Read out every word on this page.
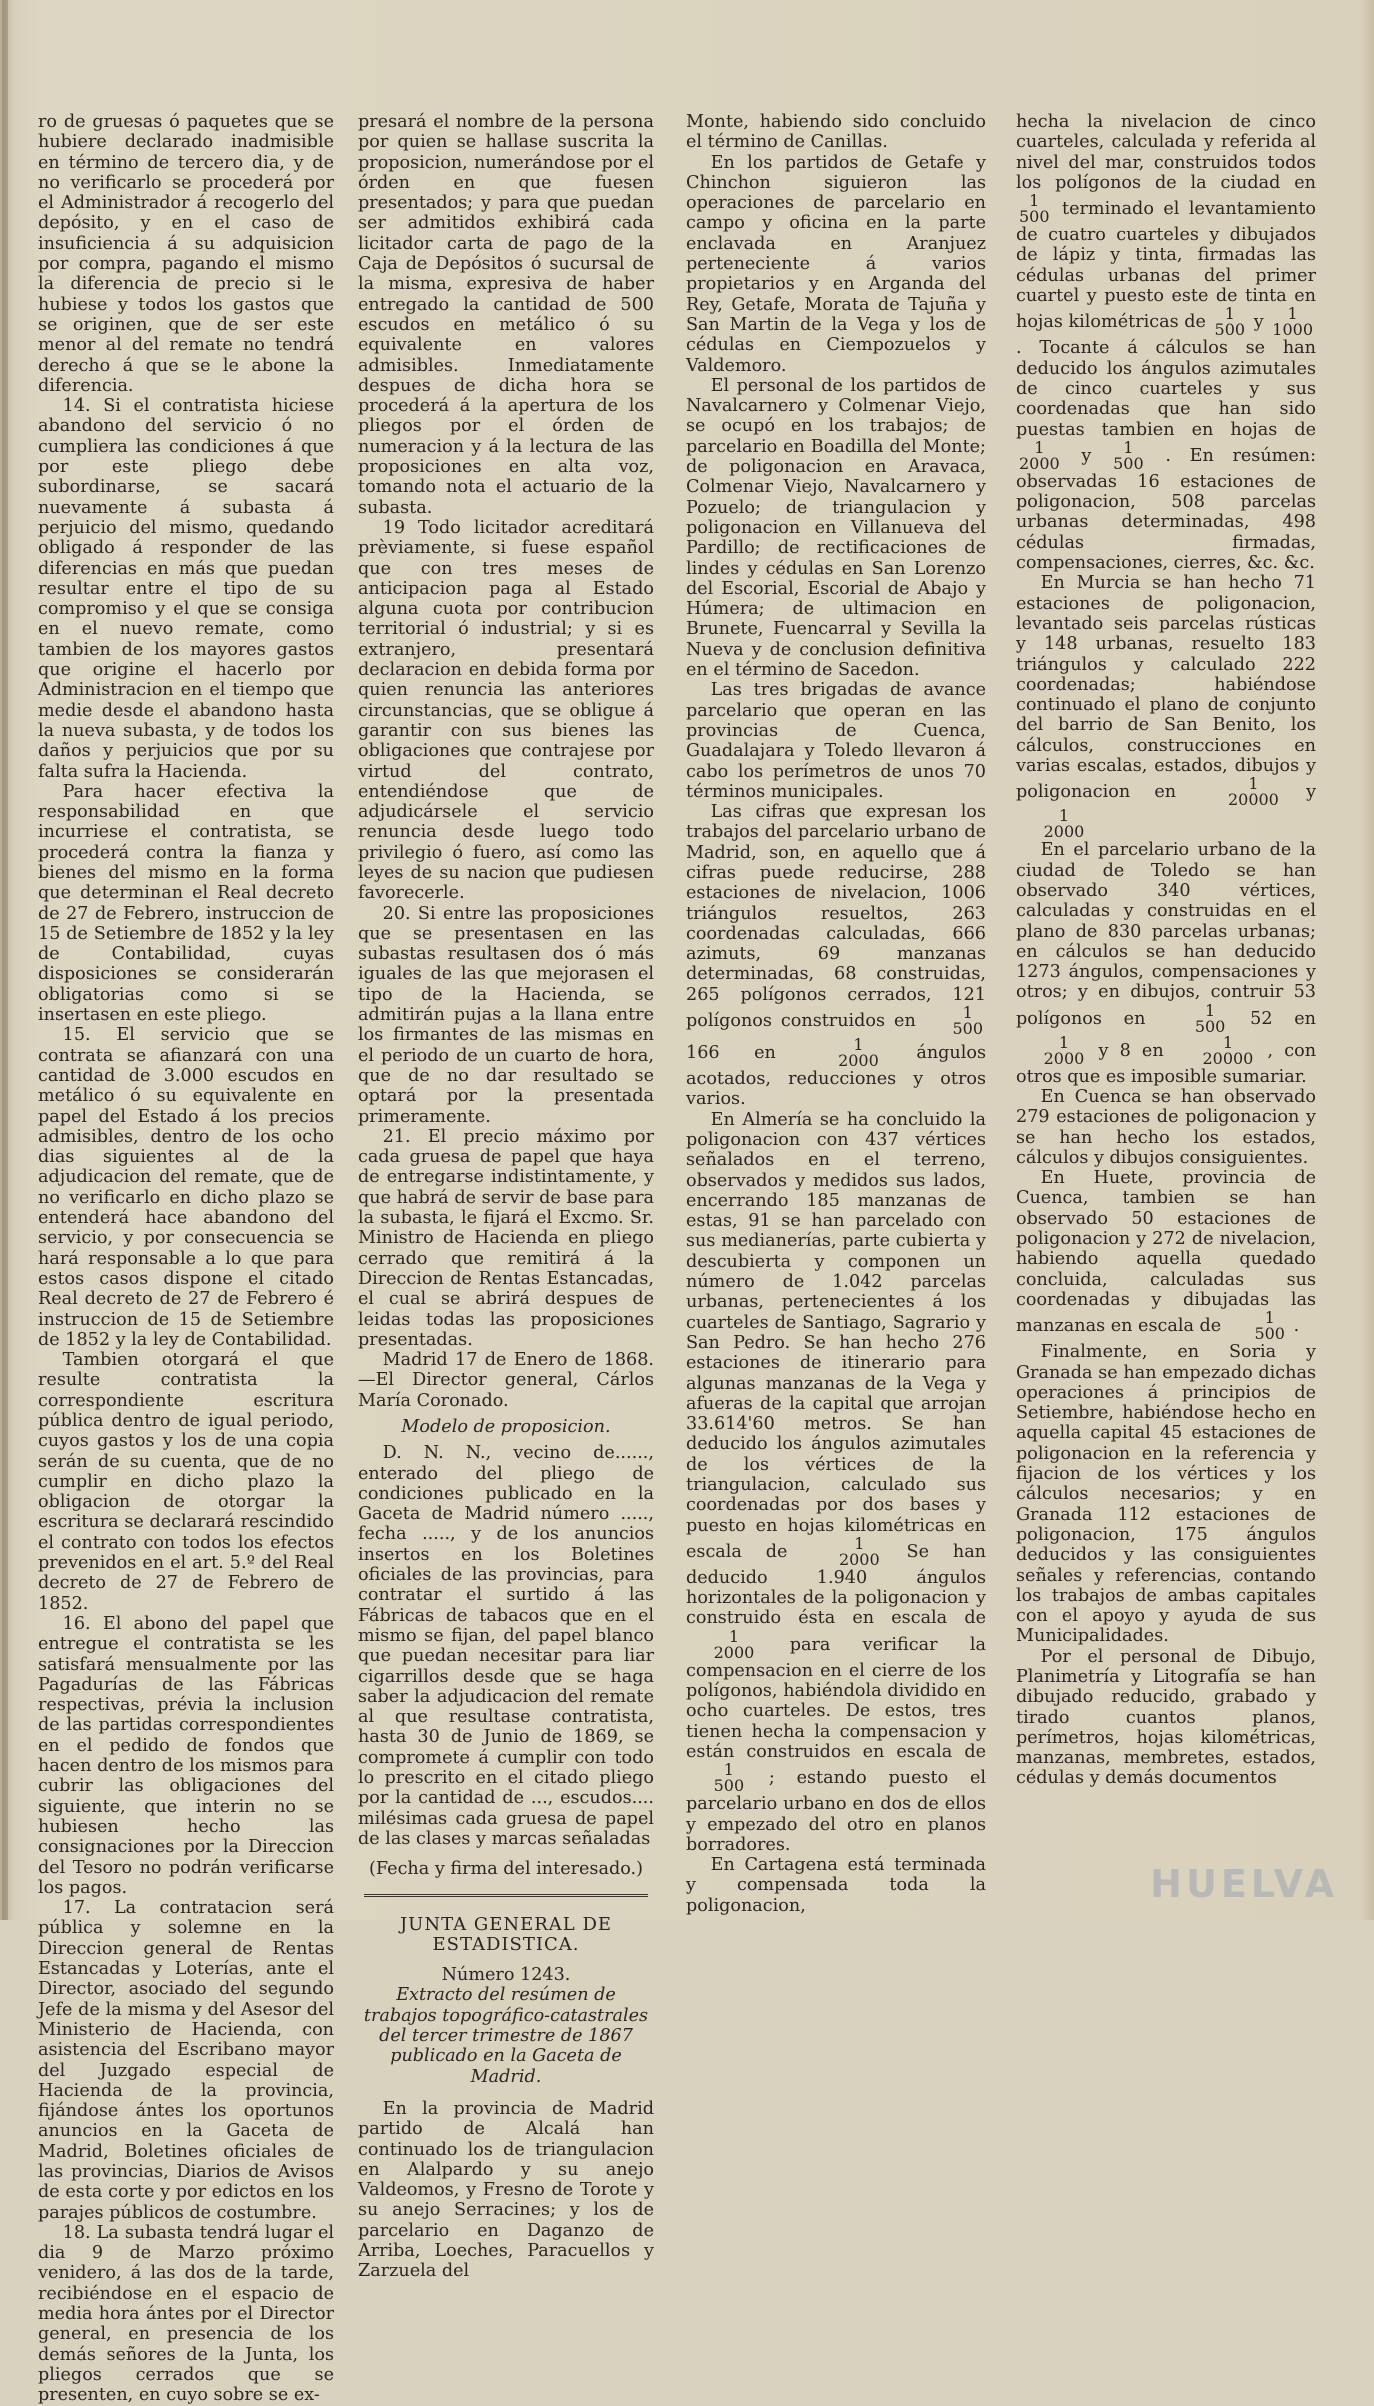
ro de gruesas ó paquetes que se hubiere declarado inadmisible en término de tercero dia, y de no verificarlo se procederá por el Administrador á recogerlo del depósito, y en el caso de insuficiencia á su adquisicion por compra, pagando el mismo la diferencia de precio si le hubiese y todos los gastos que se originen, que de ser este menor al del remate no tendrá derecho á que se le abone la diferencia.

14. Si el contratista hiciese abandono del servicio ó no cumpliera las condiciones á que por este pliego debe subordinarse, se sacará nuevamente á subasta á perjuicio del mismo, quedando obligado á responder de las diferencias en más que puedan resultar entre el tipo de su compromiso y el que se consiga en el nuevo remate, como tambien de los mayores gastos que origine el hacerlo por Administracion en el tiempo que medie desde el abandono hasta la nueva subasta, y de todos los daños y perjuicios que por su falta sufra la Hacienda.

Para hacer efectiva la responsabilidad en que incurriese el contratista, se procederá contra la fianza y bienes del mismo en la forma que determinan el Real decreto de 27 de Febrero, instruccion de 15 de Setiembre de 1852 y la ley de Contabilidad, cuyas disposiciones se considerarán obligatorias como si se insertasen en este pliego.

15. El servicio que se contrata se afianzará con una cantidad de 3.000 escudos en metálico ó su equivalente en papel del Estado á los precios admisibles, dentro de los ocho dias siguientes al de la adjudicacion del remate, que de no verificarlo en dicho plazo se entenderá hace abandono del servicio, y por consecuencia se hará responsable a lo que para estos casos dispone el citado Real decreto de 27 de Febrero é instruccion de 15 de Setiembre de 1852 y la ley de Contabilidad.

Tambien otorgará el que resulte contratista la correspondiente escritura pública dentro de igual periodo, cuyos gastos y los de una copia serán de su cuenta, que de no cumplir en dicho plazo la obligacion de otorgar la escritura se declarará rescindido el contrato con todos los efectos prevenidos en el art. 5.º del Real decreto de 27 de Febrero de 1852.

16. El abono del papel que entregue el contratista se les satisfará mensualmente por las Pagadurías de las Fábricas respectivas, prévia la inclusion de las partidas correspondientes en el pedido de fondos que hacen dentro de los mismos para cubrir las obligaciones del siguiente, que interin no se hubiesen hecho las consignaciones por la Direccion del Tesoro no podrán verificarse los pagos.

17. La contratacion será pública y solemne en la Direccion general de Rentas Estancadas y Loterías, ante el Director, asociado del segundo Jefe de la misma y del Asesor del Ministerio de Hacienda, con asistencia del Escribano mayor del Juzgado especial de Hacienda de la provincia, fijándose ántes los oportunos anuncios en la Gaceta de Madrid, Boletines oficiales de las provincias, Diarios de Avisos de esta corte y por edictos en los parajes públicos de costumbre.

18. La subasta tendrá lugar el dia 9 de Marzo próximo venidero, á las dos de la tarde, recibiéndose en el espacio de media hora ántes por el Director general, en presencia de los demás señores de la Junta, los pliegos cerrados que se presenten, en cuyo sobre se ex-

presará el nombre de la persona por quien se hallase suscrita la proposicion, numerándose por el órden en que fuesen presentados; y para que puedan ser admitidos exhibirá cada licitador carta de pago de la Caja de Depósitos ó sucursal de la misma, expresiva de haber entregado la cantidad de 500 escudos en metálico ó su equivalente en valores admisibles. Inmediatamente despues de dicha hora se procederá á la apertura de los pliegos por el órden de numeracion y á la lectura de las proposiciones en alta voz, tomando nota el actuario de la subasta.

19 Todo licitador acreditará prèviamente, si fuese español que con tres meses de anticipacion paga al Estado alguna cuota por contribucion territorial ó industrial; y si es extranjero, presentará declaracion en debida forma por quien renuncia las anteriores circunstancias, que se obligue á garantir con sus bienes las obligaciones que contrajese por virtud del contrato, entendiéndose que de adjudicársele el servicio renuncia desde luego todo privilegio ó fuero, así como las leyes de su nacion que pudiesen favorecerle.

20. Si entre las proposiciones que se presentasen en las subastas resultasen dos ó más iguales de las que mejorasen el tipo de la Hacienda, se admitirán pujas a la llana entre los firmantes de las mismas en el periodo de un cuarto de hora, que de no dar resultado se optará por la presentada primeramente.

21. El precio máximo por cada gruesa de papel que haya de entregarse indistintamente, y que habrá de servir de base para la subasta, le fijará el Excmo. Sr. Ministro de Hacienda en pliego cerrado que remitirá á la Direccion de Rentas Estancadas, el cual se abrirá despues de leidas todas las proposiciones presentadas.

Madrid 17 de Enero de 1868.—El Director general, Cárlos María Coronado.

Modelo de proposicion.

D. N. N., vecino de......, enterado del pliego de condiciones publicado en la Gaceta de Madrid número ....., fecha ....., y de los anuncios insertos en los Boletines oficiales de las provincias, para contratar el surtido á las Fábricas de tabacos que en el mismo se fijan, del papel blanco que puedan necesitar para liar cigarrillos desde que se haga saber la adjudicacion del remate al que resultase contratista, hasta 30 de Junio de 1869, se compromete á cumplir con todo lo prescrito en el citado pliego por la cantidad de ..., escudos.... milésimas cada gruesa de papel de las clases y marcas señaladas

(Fecha y firma del interesado.)

JUNTA GENERAL DE ESTADISTICA.

Número 1243.

Extracto del resúmen de trabajos topográfico-catastrales del tercer trimestre de 1867 publicado en la Gaceta de Madrid.

En la provincia de Madrid partido de Alcalá han continuado los de triangulacion en Alalpardo y su anejo Valdeomos, y Fresno de Torote y su anejo Serracines; y los de parcelario en Daganzo de Arriba, Loeches, Paracuellos y Zarzuela del

Monte, habiendo sido concluido el término de Canillas.

En los partidos de Getafe y Chinchon siguieron las operaciones de parcelario en campo y oficina en la parte enclavada en Aranjuez perteneciente á varios propietarios y en Arganda del Rey, Getafe, Morata de Tajuña y San Martin de la Vega y los de cédulas en Ciempozuelos y Valdemoro.

El personal de los partidos de Navalcarnero y Colmenar Viejo, se ocupó en los trabajos; de parcelario en Boadilla del Monte; de poligonacion en Aravaca, Colmenar Viejo, Navalcarnero y Pozuelo; de triangulacion y poligonacion en Villanueva del Pardillo; de rectificaciones de lindes y cédulas en San Lorenzo del Escorial, Escorial de Abajo y Húmera; de ultimacion en Brunete, Fuencarral y Sevilla la Nueva y de conclusion definitiva en el término de Sacedon.

Las tres brigadas de avance parcelario que operan en las provincias de Cuenca, Guadalajara y Toledo llevaron á cabo los perímetros de unos 70 términos municipales.

Las cifras que expresan los trabajos del parcelario urbano de Madrid, son, en aquello que á cifras puede reducirse, 288 estaciones de nivelacion, 1006 triángulos resueltos, 263 coordenadas calculadas, 666 azimuts, 69 manzanas determinadas, 68 construidas, 265 polígonos cerrados, 121 polígonos construidos en	1
500
166 en	1
2000 ángulos acotados, reducciones y otros varios.

En Almería se ha concluido la poligonacion con 437 vértices señalados en el terreno, observados y medidos sus lados, encerrando 185 manzanas de estas, 91 se han parcelado con sus medianerías, parte cubierta y descubierta y componen un número de 1.042 parcelas urbanas, pertenecientes á los cuarteles de Santiago, Sagrario y San Pedro. Se han hecho 276 estaciones de itinerario para algunas manzanas de la Vega y afueras de la capital que arrojan 33.614'60 metros. Se han deducido los ángulos azimutales de los vértices de la triangulacion, calculado sus coordenadas por dos bases y puesto en hojas kilométricas en escala de	1
2000 Se han deducido 1.940 ángulos horizontales de la poligonacion y construido ésta en escala de
1
2000 para verificar la compensacion en el cierre de los polígonos, habiéndola dividido en ocho cuarteles. De estos, tres tienen hecha la compensacion y están construidos en escala de
1
500 ; estando puesto el parcelario urbano en dos de ellos y empezado del otro en planos borradores.

En Cartagena está terminada y compensada toda la poligonacion,

hecha la nivelacion de cinco cuarteles, calculada y referida al nivel del mar, construidos todos los polígonos de la ciudad en
1
500 terminado el levantamiento de cuatro cuarteles y dibujados de lápiz y tinta, firmadas las cédulas urbanas del primer cuartel y puesto este de tinta en hojas kilométricas de	1
500 y	1
1000
. Tocante á cálculos se han deducido los ángulos azimutales de cinco cuarteles y sus coordenadas que han sido puestas tambien en hojas de
1
2000 y	1
500 . En resúmen: observadas 16 estaciones de poligonacion, 508 parcelas urbanas determinadas, 498 cédulas firmadas, compensaciones, cierres, &c. &c.

En Murcia se han hecho 71 estaciones de poligonacion, levantado seis parcelas rústicas y 148 urbanas, resuelto 183 triángulos y calculado 222 coordenadas; habiéndose continuado el plano de conjunto del barrio de San Benito, los cálculos, construcciones en varias escalas, estados, dibujos y poligonacion en	1
20000 y
1
2000

En el parcelario urbano de la ciudad de Toledo se han observado 340 vértices, calculadas y construidas en el plano de 830 parcelas urbanas; en cálculos se han deducido 1273 ángulos, compensaciones y otros; y en dibujos, contruir 53 polígonos en	1
500 52 en
1
2000 y 8 en	1
20000 , con otros que es imposible sumariar.

En Cuenca se han observado 279 estaciones de poligonacion y se han hecho los estados, cálculos y dibujos consiguientes.

En Huete, provincia de Cuenca, tambien se han observado 50 estaciones de poligonacion y 272 de nivelacion, habiendo aquella quedado concluida, calculadas sus coordenadas y dibujadas las manzanas en escala de	1
500 .

Finalmente, en Soria y Granada se han empezado dichas operaciones á principios de Setiembre, habiéndose hecho en aquella capital 45 estaciones de poligonacion en la referencia y fijacion de los vértices y los cálculos necesarios; y en Granada 112 estaciones de poligonacion, 175 ángulos deducidos y las consiguientes señales y referencias, contando los trabajos de ambas capitales con el apoyo y ayuda de sus Municipalidades.

Por el personal de Dibujo, Planimetría y Litografía se han dibujado reducido, grabado y tirado cuantos planos, perímetros, hojas kilométricas, manzanas, membretes, estados, cédulas y demás documentos

HUELVA
